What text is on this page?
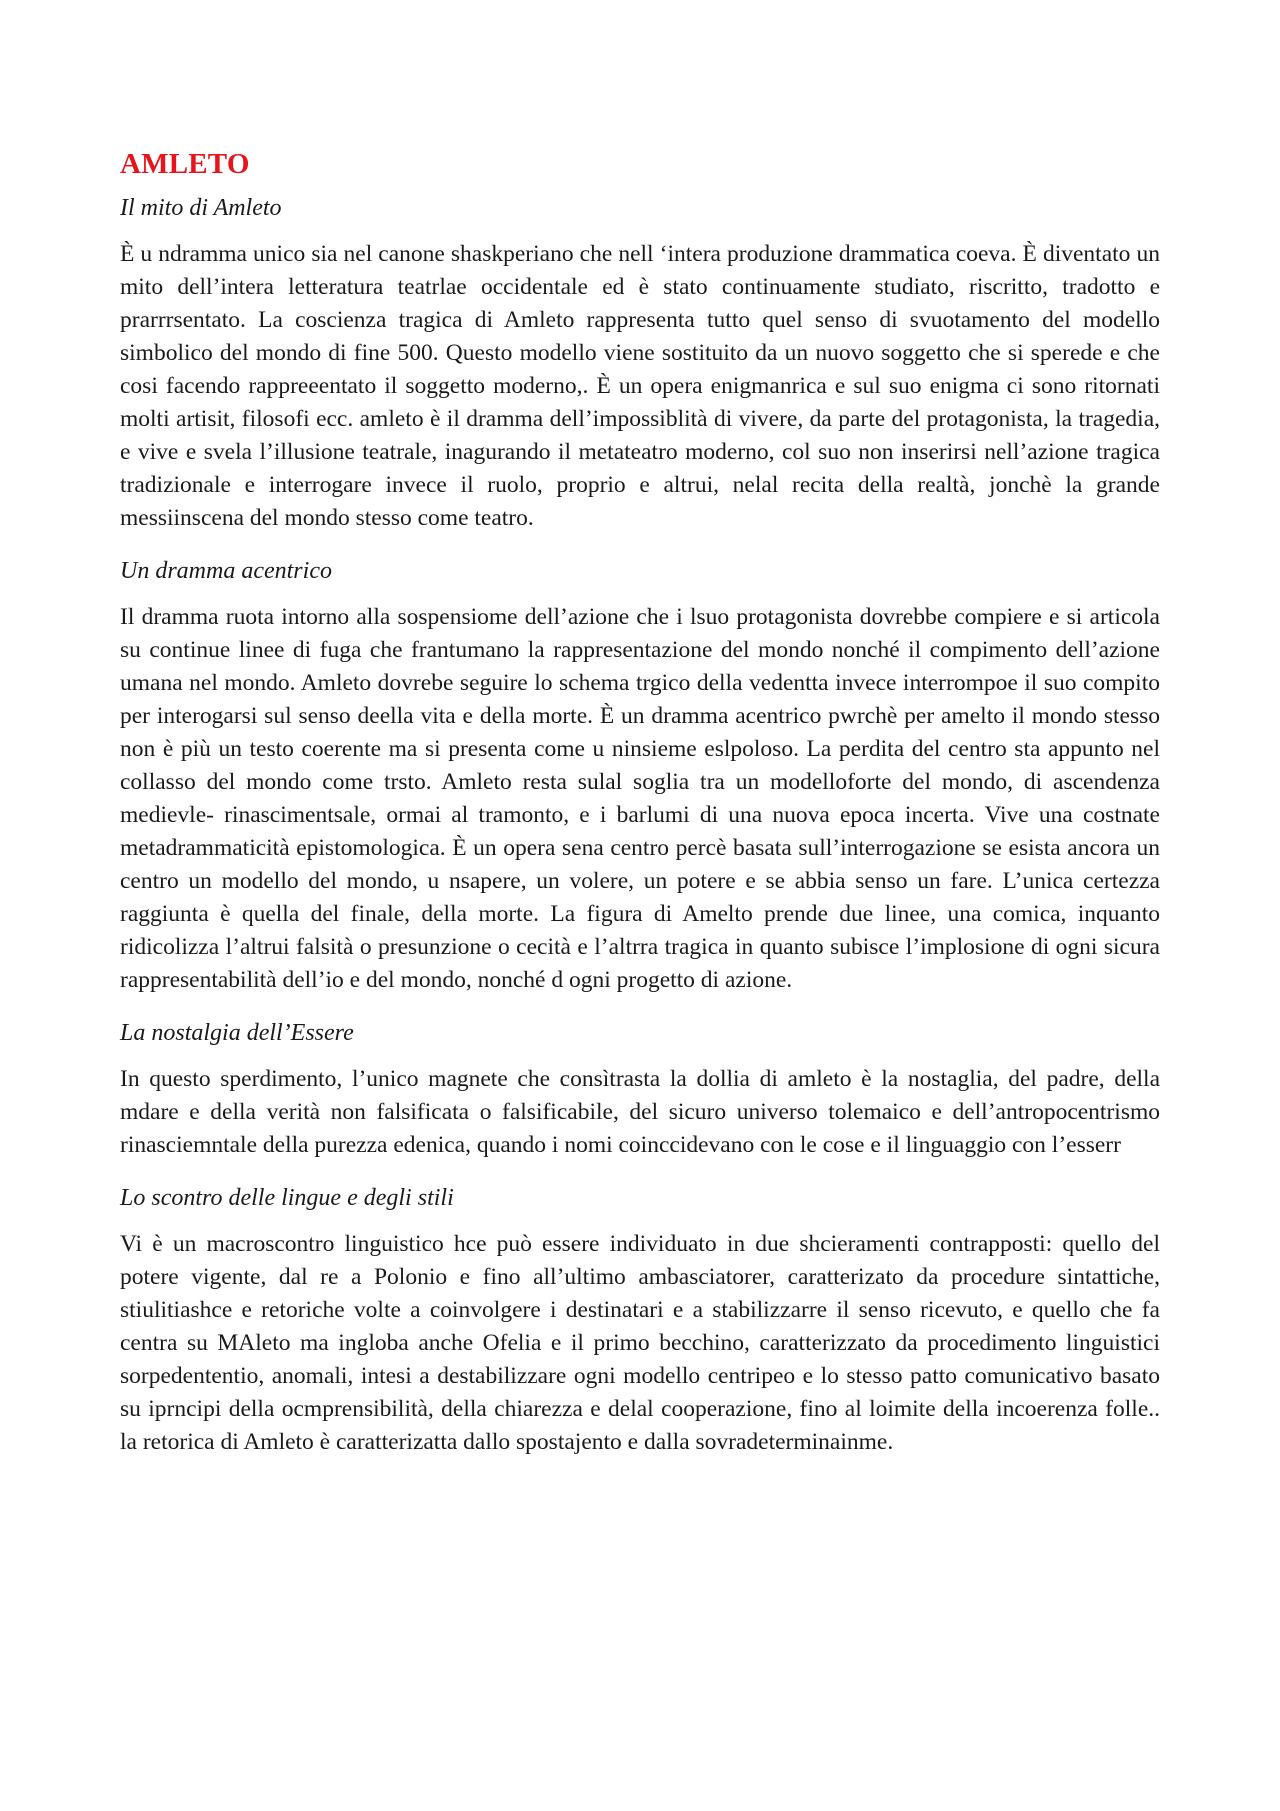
AMLETO
Il mito di Amleto

È u ndramma unico sia nel canone shaskperiano che nell ‘intera produzione drammatica coeva. È diventato un mito dell’intera letteratura teatrlae occidentale ed è stato continuamente studiato, riscritto, tradotto e prarrrsentato. La coscienza tragica di Amleto rappresenta tutto quel senso di svuotamento del modello simbolico del mondo di fine 500. Questo modello viene sostituito da un nuovo soggetto che si sperede e che cosi facendo rappreeentato il soggetto moderno,. È un opera enigmanrica e sul suo enigma ci sono ritornati molti artisit, filosofi ecc. amleto è il dramma dell’impossiblità di vivere, da parte del protagonista, la tragedia, e vive e svela l’illusione teatrale, inagurando il metateatro moderno, col suo non inserirsi nell’azione tragica tradizionale e interrogare invece il ruolo, proprio e altrui, nelal recita della realtà, jonchè la grande messiinscena del mondo stesso come teatro.

Un dramma acentrico

Il dramma ruota intorno alla sospensiome dell’azione che i lsuo protagonista dovrebbe compiere e si articola su continue linee di fuga che frantumano la rappresentazione del mondo nonché il compimento dell’azione umana nel mondo. Amleto dovrebe seguire lo schema trgico della vedentta invece interrompoe il suo compito per interogarsi sul senso deella vita e della morte. È un dramma acentrico pwrchè per amelto il mondo stesso non è più un testo coerente ma si presenta come u ninsieme eslpoloso. La perdita del centro sta appunto nel collasso del mondo come trsto. Amleto resta sulal soglia tra un modelloforte del mondo, di ascendenza medievle- rinascimentsale, ormai al tramonto, e i barlumi di una nuova epoca incerta. Vive una costnate metadrammaticità epistomologica. È un opera sena centro percè basata sull’interrogazione se esista ancora un centro un modello del mondo, u nsapere, un volere, un potere e se abbia senso un fare. L’unica certezza raggiunta è quella del finale, della morte. La figura di Amelto prende due linee, una comica, inquanto ridicolizza l’altrui falsità o presunzione o cecità e l’altrra tragica in quanto subisce l’implosione di ogni sicura rappresentabilità dell’io e del mondo, nonché d ogni progetto di azione.

La nostalgia dell’Essere

In questo sperdimento, l’unico magnete che consìtrasta la dollia di amleto è la nostaglia, del padre, della mdare e della verità non falsificata o falsificabile, del sicuro universo tolemaico e dell’antropocentrismo rinasciemntale della purezza edenica, quando i nomi coinccidevano con le cose e il linguaggio con l’esserr

Lo scontro delle lingue e degli stili

Vi è un macroscontro linguistico hce può essere individuato in due shcieramenti contrapposti: quello del potere vigente, dal re a Polonio e fino all’ultimo ambasciatorer, caratterizato da procedure sintattiche, stiulitiashce e retoriche volte a coinvolgere i destinatari e a stabilizzarre il senso ricevuto, e quello che fa centra su MAleto ma ingloba anche Ofelia e il primo becchino, caratterizzato da procedimento linguistici sorpedententio, anomali, intesi a destabilizzare ogni modello centripeo e lo stesso patto comunicativo basato su iprncipi della ocmprensibilità, della chiarezza e delal cooperazione, fino al loimite della incoerenza folle.. la retorica di Amleto è caratterizatta dallo spostajento e dalla sovradeterminainme.
